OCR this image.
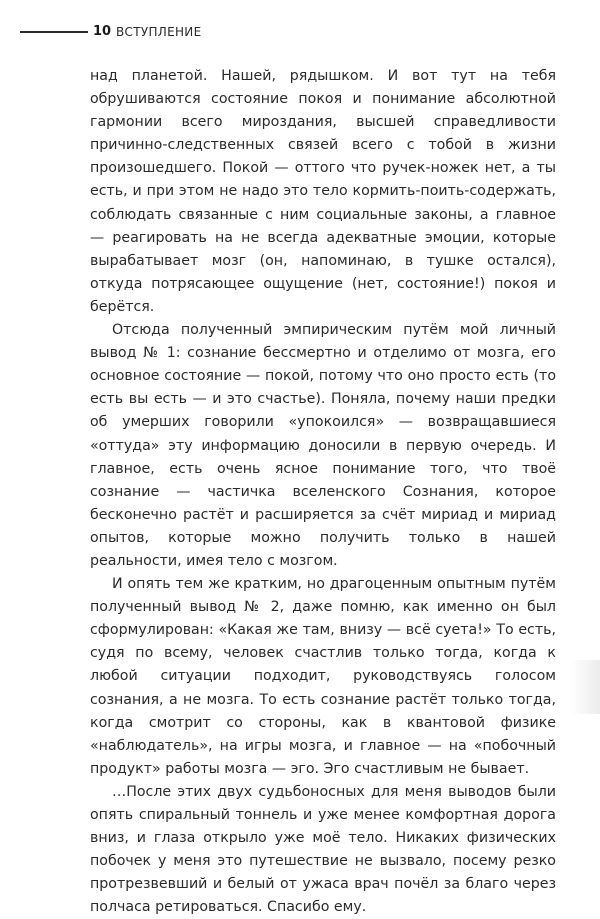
10 ВСТУПЛЕНИЕ

над планетой. Нашей, рядышком. И вот тут на тебя обрушиваются состояние покоя и понимание абсолютной гармонии всего мироздания, высшей справедливости причинно-следственных связей всего с тобой в жизни произошедшего. Покой — оттого что ручек-ножек нет, а ты есть, и при этом не надо это тело кормить-поить-содержать, соблюдать связанные с ним социальные законы, а главное — реагировать на не всегда адекватные эмоции, которые вырабатывает мозг (он, напоминаю, в тушке остался), откуда потрясающее ощущение (нет, состояние!) покоя и берётся.

Отсюда полученный эмпирическим путём мой личный вывод № 1: сознание бессмертно и отделимо от мозга, его основное состояние — покой, потому что оно просто есть (то есть вы есть — и это счастье). Поняла, почему наши предки об умерших говорили «упокоился» — возвращавшиеся «оттуда» эту информацию доносили в первую очередь. И главное, есть очень ясное понимание того, что твоё сознание — частичка вселенского Сознания, которое бесконечно растёт и расширяется за счёт мириад и мириад опытов, которые можно получить только в нашей реальности, имея тело с мозгом.

И опять тем же кратким, но драгоценным опытным путём полученный вывод № 2, даже помню, как именно он был сформулирован: «Какая же там, внизу — всё суета!» То есть, судя по всему, человек счастлив только тогда, когда к любой ситуации подходит, руководствуясь голосом сознания, а не мозга. То есть сознание растёт только тогда, когда смотрит со стороны, как в квантовой физике «наблюдатель», на игры мозга, и главное — на «побочный продукт» работы мозга — эго. Эго счастливым не бывает.

…После этих двух судьбоносных для меня выводов были опять спиральный тоннель и уже менее комфортная дорога вниз, и глаза открыло уже моё тело. Никаких физических побочек у меня это путешествие не вызвало, посему резко протрезвевший и белый от ужаса врач почёл за благо через полчаса ретироваться. Спасибо ему.
